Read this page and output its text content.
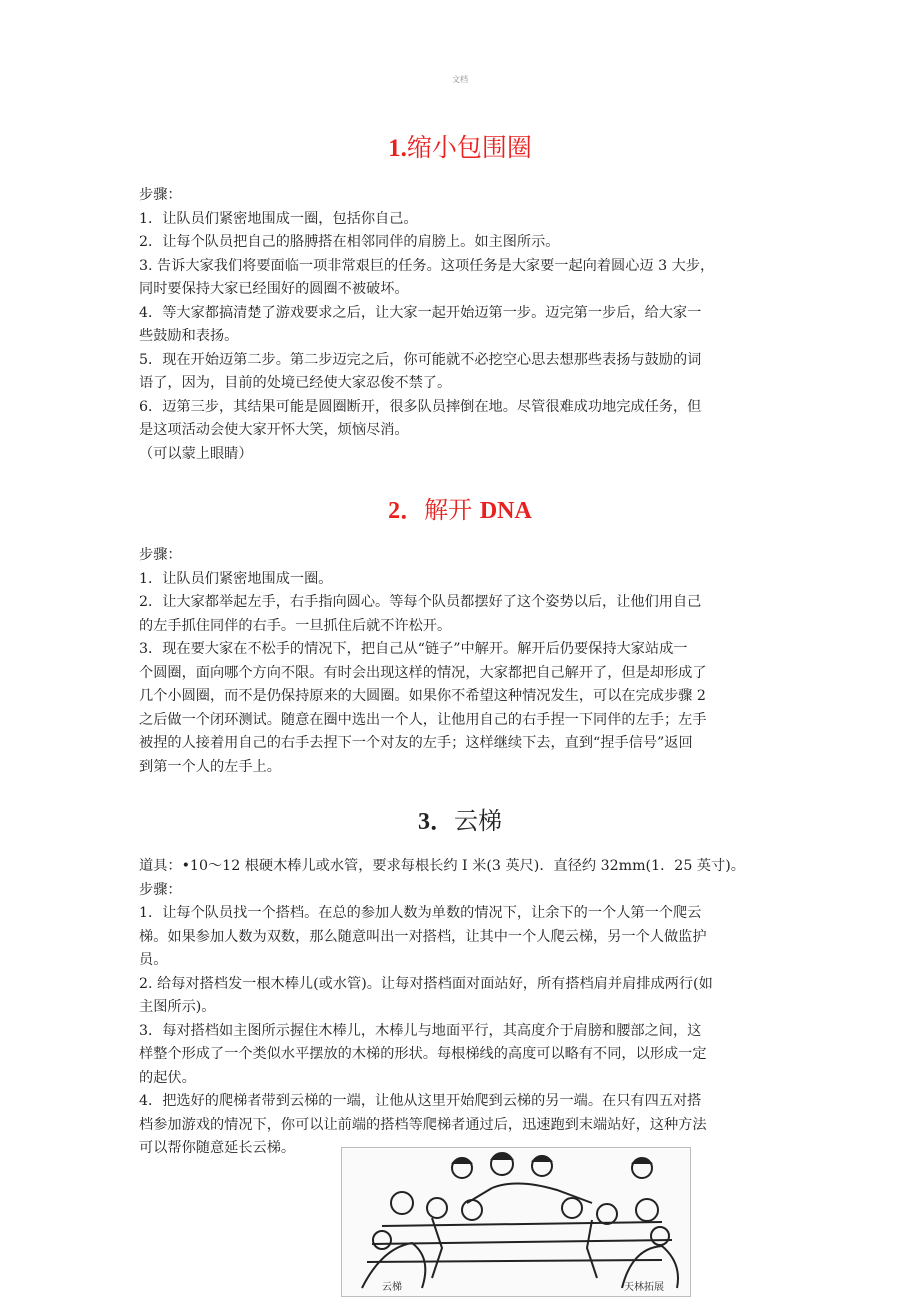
文档
1.缩小包围圈

步骤：

1．让队员们紧密地围成一圈，包括你自己。

2．让每个队员把自己的胳膊搭在相邻同伴的肩膀上。如主图所示。

3. 告诉大家我们将要面临一项非常艰巨的任务。这项任务是大家要一起向着圆心迈 3 大步，

同时要保持大家已经围好的圆圈不被破坏。

4．等大家都搞清楚了游戏要求之后，让大家一起开始迈第一步。迈完第一步后，给大家一

些鼓励和表扬。

5．现在开始迈第二步。第二步迈完之后，你可能就不必挖空心思去想那些表扬与鼓励的词

语了，因为，目前的处境已经使大家忍俊不禁了。

6．迈第三步，其结果可能是圆圈断开，很多队员摔倒在地。尽管很难成功地完成任务，但

是这项活动会使大家开怀大笑，烦恼尽消。

（可以蒙上眼睛）

2．解开 DNA

步骤：

1．让队员们紧密地围成一圈。

2．让大家都举起左手，右手指向圆心。等每个队员都摆好了这个姿势以后，让他们用自己

的左手抓住同伴的右手。一旦抓住后就不许松开。

3．现在要大家在不松手的情况下，把自己从“链子”中解开。解开后仍要保持大家站成一

个圆圈，面向哪个方向不限。有时会出现这样的情况，大家都把自己解开了，但是却形成了

几个小圆圈，而不是仍保持原来的大圆圈。如果你不希望这种情况发生，可以在完成步骤 2

之后做一个闭环测试。随意在圈中选出一个人，让他用自己的右手捏一下同伴的左手；左手

被捏的人接着用自己的右手去捏下一个对友的左手；这样继续下去，直到“捏手信号”返回

到第一个人的左手上。

3．云梯

道具：•10～12 根硬木棒儿或水管，要求每根长约 I 米(3 英尺)．直径约 32mm(1．25 英寸)。

步骤：

1．让每个队员找一个搭档。在总的参加人数为单数的情况下，让余下的一个人第一个爬云

梯。如果参加人数为双数，那么随意叫出一对搭档，让其中一个人爬云梯，另一个人做监护

员。

2. 给每对搭档发一根木棒儿(或水管)。让每对搭档面对面站好，所有搭档肩并肩排成两行(如

主图所示)。

3．每对搭档如主图所示握住木棒儿，木棒儿与地面平行，其高度介于肩膀和腰部之间，这

样整个形成了一个类似水平摆放的木梯的形状。每根梯线的高度可以略有不同，以形成一定

的起伏。

4．把选好的爬梯者带到云梯的一端，让他从这里开始爬到云梯的另一端。在只有四五对搭

档参加游戏的情况下，你可以让前端的搭档等爬梯者通过后，迅速跑到末端站好，这种方法

可以帮你随意延长云梯。

云梯	天林拓展
